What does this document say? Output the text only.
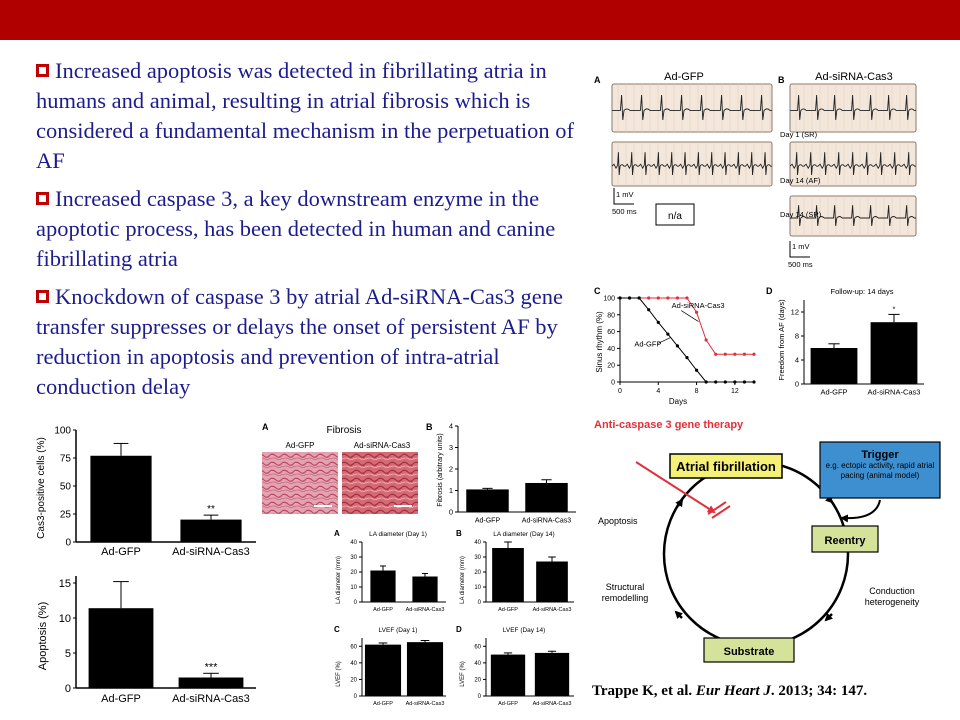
Increased apoptosis was detected in fibrillating atria in humans and animal, resulting in atrial fibrosis which is considered a fundamental mechanism in the perpetuation of AF
Increased caspase 3, a key downstream enzyme in the apoptotic process, has been detected in human and canine fibrillating atria
Knockdown of caspase 3 by atrial Ad-siRNA-Cas3 gene transfer suppresses or delays the onset of persistent AF by reduction in apoptosis and prevention of intra-atrial conduction delay
A	B
Ad-GFP	Ad-siRNA-Cas3
Day 1 (SR)
Day 14 (AF)
Day 14 (SR)
1 mV
500 ms	n/a
1 mV
500 ms
C
Sinus rhythm (%)
Days
0
20
40
60
80
100
0	4	8	12
Ad-siRNA-Cas3
Ad-GFP
D	Follow-up: 14 days
Freedom from AF (days)
0
4
8
12
Ad-GFP	Ad-siRNA-Cas3
*
Cas3-positive cells (%)
0
25
50
75
100
Ad-GFP	Ad-siRNA-Cas3
**
Apoptosis (%)
0
5
10
15
Ad-GFP	Ad-siRNA-Cas3
***
A	Fibrosis
Ad-GFP	Ad-siRNA-Cas3
B
Fibrosis (arbitrary units)
0
1
2
3
4
Ad-GFP	Ad-siRNA-Cas3
A	LA diameter (Day 1)
LA diameter (mm) 0
10
20
30
40
Ad-GFP Ad-siRNA-Cas3
B	LA diameter (Day 14)
LA diameter (mm) 0
10
20
30
40
Ad-GFP	Ad-siRNA-Cas3
C	LVEF (Day 1)
LVEF (%)
0
20
40
60
Ad-GFP Ad-siRNA-Cas3
D	LVEF (Day 14)
LVEF (%)
0
20
40
60
Ad-GFP	Ad-siRNA-Cas3
Anti-caspase 3 gene therapy
Atrial fibrillation
Trigger
e.g. ectopic activity, rapid atrial pacing (animal model)
Reentry
Substrate
Apoptosis
Structural remodelling
Conduction heterogeneity
Trappe K, et al. Eur Heart J. 2013; 34: 147.
